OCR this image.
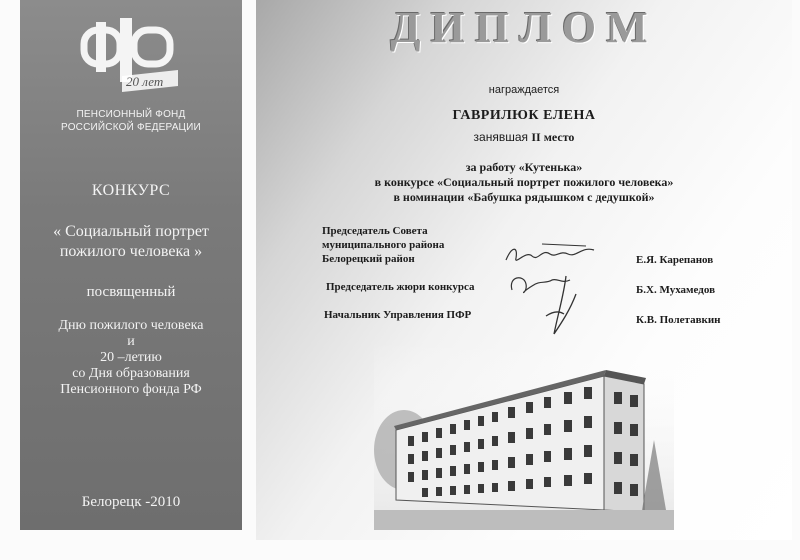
20 лет
ПЕНСИОННЫЙ ФОНД
РОССИЙСКОЙ ФЕДЕРАЦИИ
КОНКУРС
« Социальный портрет
пожилого человека »
посвященный
Дню пожилого человека
и
20 –летию
со Дня образования
Пенсионного фонда РФ
Белорецк -2010
ДИПЛОМ
награждается
ГАВРИЛЮК ЕЛЕНА
занявшая II место
за работу «Кутенька»
в конкурсе «Социальный портрет пожилого человека»
в номинации «Бабушка рядышком с дедушкой»
Председатель Совета
муниципального района
Белорецкий район
Председатель жюри конкурса
Начальник Управления ПФР
Е.Я. Карепанов
Б.Х. Мухамедов
К.В. Полетавкин
